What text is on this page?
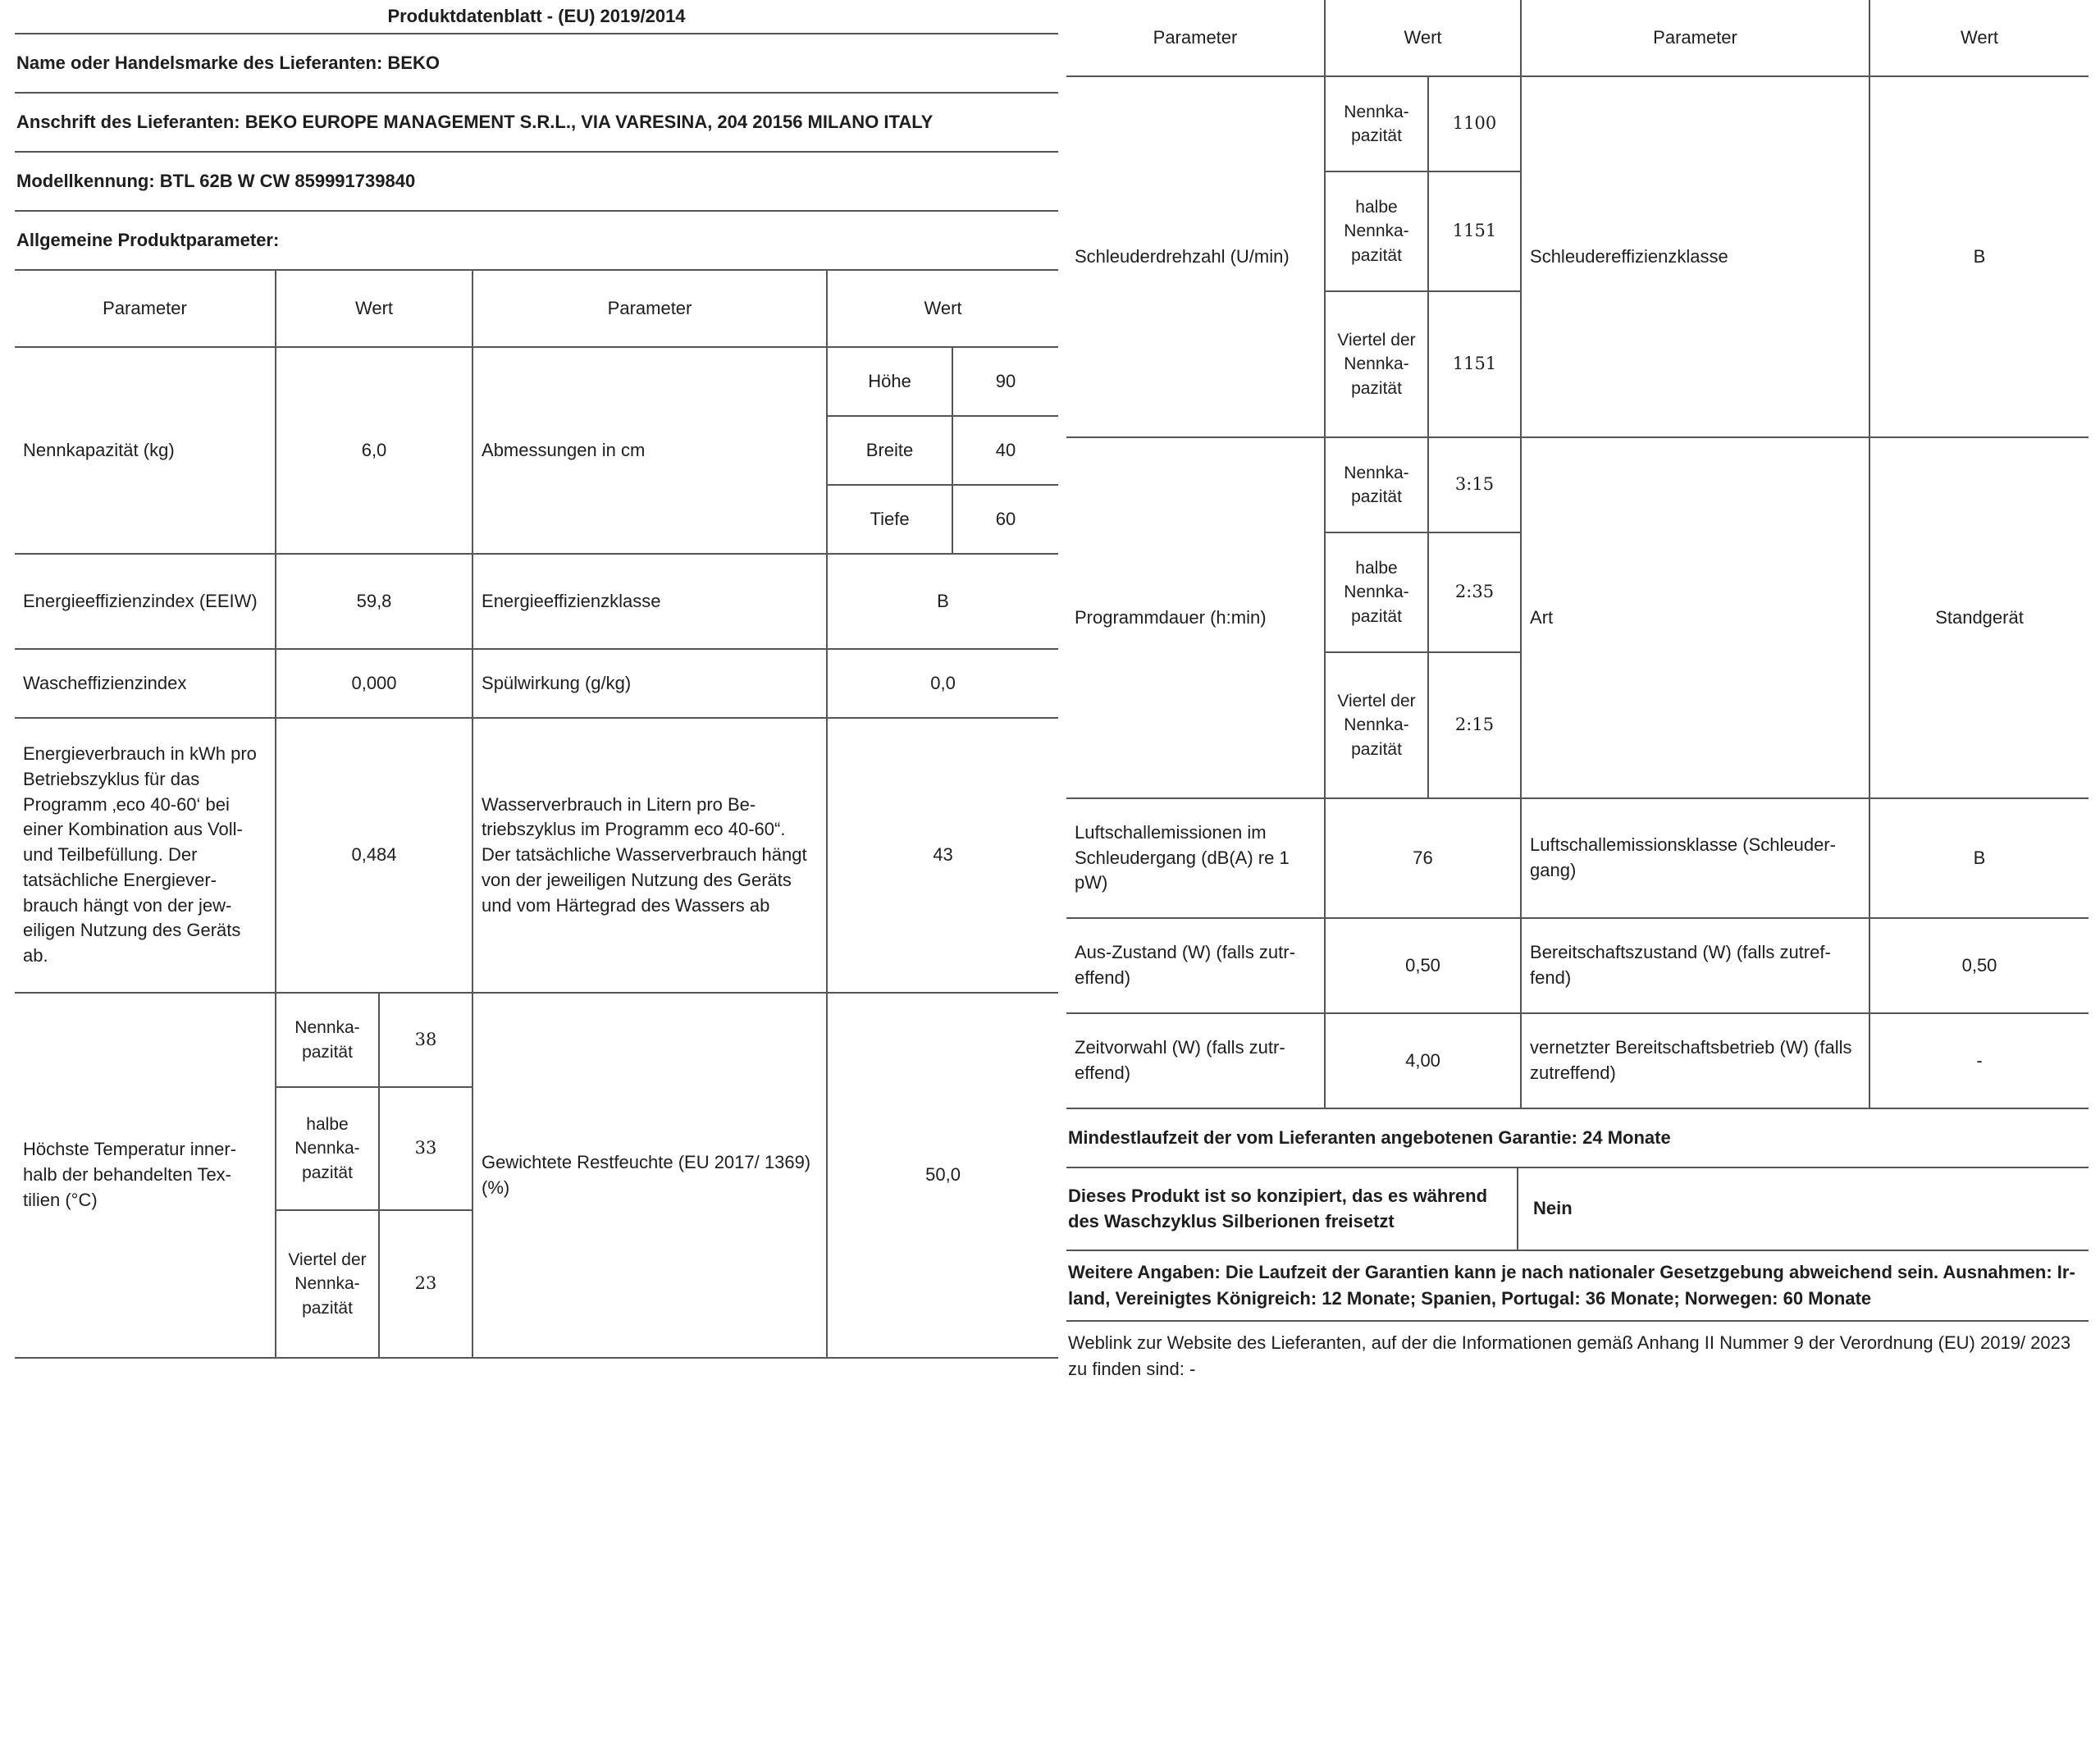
Produktdatenblatt - (EU) 2019/2014
Name oder Handelsmarke des Lieferanten: BEKO
Anschrift des Lieferanten: BEKO EUROPE MANAGEMENT S.R.L., VIA VARESINA, 204 20156 MILANO ITALY
Modellkennung: BTL 62B W CW 859991739840
Allgemeine Produktparameter:
Parameter	Wert		Parameter	Wert	
Nennkapazität (kg)	6,0		Abmessungen in cm	Höhe	90
				Breite	40
				Tiefe	60
Energieeffizienzindex (EEIW)	59,8		Energieeffizienzklasse	B	
Wascheffizienzindex	0,000		Spülwirkung (g/kg)	0,0	
Energieverbrauch in kWh pro Betriebszyklus für das Programm ‚eco 40-60‘ bei einer Kombination aus Voll- und Teilbefüllung. Der tatsächliche Energiever-brauch hängt von der jew-eiligen Nutzung des Geräts ab.	0,484		Wasserverbrauch in Litern pro Be-triebszyklus im Programm eco 40-60“. Der tatsächliche Wasserverbrauch hängt von der jeweiligen Nutzung des Geräts und vom Härtegrad des Wassers ab	43	
Höchste Temperatur inner-halb der behandelten Tex-tilien (°C)	Nennka-pazität	38	Gewichtete Restfeuchte (EU 2017/ 1369) (%)	50,0	
	halbe Nennka-pazität	33			
	Viertel der Nennka-pazität	23			
Parameter	Wert		Parameter	Wert
Schleuderdrehzahl (U/min)	Nennka-pazität	1100	Schleudereffizienzklasse	B
	halbe Nennka-pazität	1151		
	Viertel der Nennka-pazität	1151		
Programmdauer (h:min)	Nennka-pazität	3:15	Art	Standgerät
	halbe Nennka-pazität	2:35		
	Viertel der Nennka-pazität	2:15		
Luftschallemissionen im Schleudergang (dB(A) re 1 pW)	76		Luftschallemissionsklasse (Schleuder-gang)	B
Aus-Zustand (W) (falls zutr-effend)	0,50		Bereitschaftszustand (W) (falls zutref-fend)	0,50
Zeitvorwahl (W) (falls zutr-effend)	4,00		vernetzter Bereitschaftsbetrieb (W) (falls zutreffend)	-
Mindestlaufzeit der vom Lieferanten angebotenen Garantie: 24 Monate
Dieses Produkt ist so konzipiert, das es während des Waschzyklus Silberionen freisetzt	Nein
Weitere Angaben: Die Laufzeit der Garantien kann je nach nationaler Gesetzgebung abweichend sein. Ausnahmen: Ir-land, Vereinigtes Königreich: 12 Monate; Spanien, Portugal: 36 Monate; Norwegen: 60 Monate
Weblink zur Website des Lieferanten, auf der die Informationen gemäß Anhang II Nummer 9 der Verordnung (EU) 2019/ 2023 zu finden sind: -
